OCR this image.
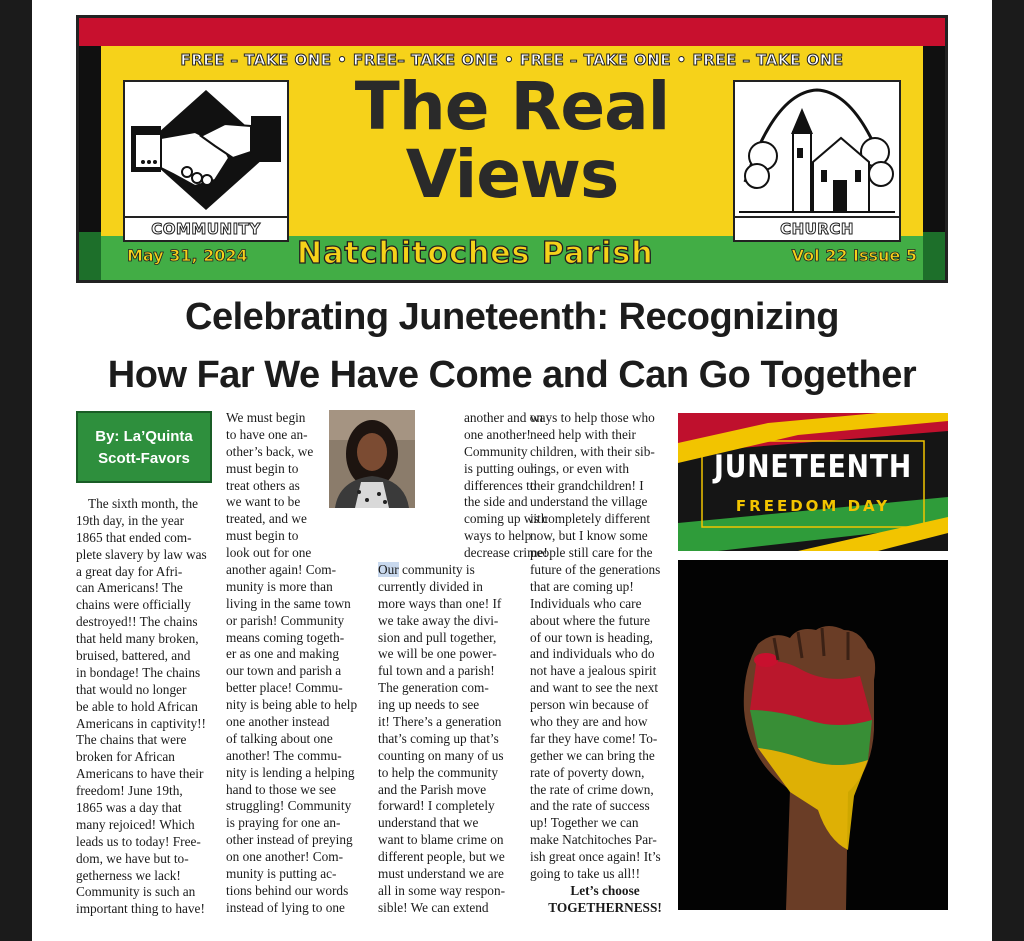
FREE – TAKE ONE • FREE– TAKE ONE • FREE – TAKE ONE • FREE – TAKE ONE
The Real
Views
COMMUNITY	CHURCH
May 31, 2024 Natchitoches Parish	Vol 22 Issue 5
Celebrating Juneteenth: Recognizing
How Far We Have Come and Can Go Together
By: La’Quinta
Scott-Favors
The sixth month, the
19th day, in the year
1865 that ended com-
plete slavery by law was
a great day for Afri-
can Americans! The
chains were officially
destroyed!! The chains
that held many broken,
bruised, battered, and
in bondage! The chains
that would no longer
be able to hold African
Americans in captivity!!
The chains that were
broken for African
Americans to have their
freedom! June 19th,
1865 was a day that
many rejoiced! Which
leads us to today! Free-
dom, we have but to-
getherness we lack!
Community is such an
important thing to have!
We must begin
to have one an-
other’s back, we
must begin to
treat others as
we want to be
treated, and we
must begin to
look out for one
another again! Com-
munity is more than
living in the same town
or parish! Community
means coming togeth-
er as one and making
our town and parish a
better place! Commu-
nity is being able to help
one another instead
of talking about one
another! The commu-
nity is lending a helping
hand to those we see
struggling! Community
is praying for one an-
other instead of preying
on one another! Com-
munity is putting ac-
tions behind our words
instead of lying to one
another and on
one another!
Community
is putting our
differences to
the side and
coming up with
ways to help
decrease crime!
Our community is
currently divided in
more ways than one! If
we take away the divi-
sion and pull together,
we will be one power-
ful town and a parish!
The generation com-
ing up needs to see
it! There’s a generation
that’s coming up that’s
counting on many of us
to help the community
and the Parish move
forward! I completely
understand that we
want to blame crime on
different people, but we
must understand we are
all in some way respon-
sible! We can extend
ways to help those who
need help with their
children, with their sib-
lings, or even with
their grandchildren! I
understand the village
is completely different
now, but I know some
people still care for the
future of the generations
that are coming up!
Individuals who care
about where the future
of our town is heading,
and individuals who do
not have a jealous spirit
and want to see the next
person win because of
who they are and how
far they have come! To-
gether we can bring the
rate of poverty down,
the rate of crime down,
and the rate of success
up! Together we can
make Natchitoches Par-
ish great once again! It’s
going to take us all!!
Let’s choose
TOGETHERNESS!
JUNETEENTH
FREEDOM DAY
